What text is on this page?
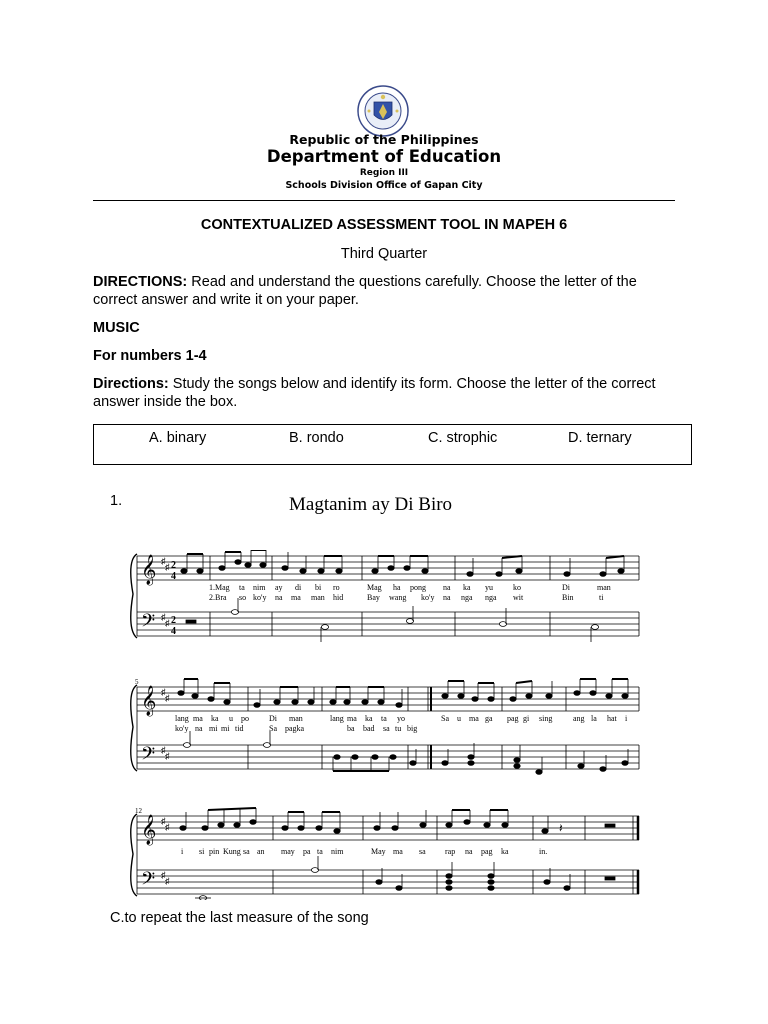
Republic of the Philippines
Department of Education
Region III
Schools Division Office of Gapan City
CONTEXTUALIZED ASSESSMENT TOOL IN MAPEH 6
Third Quarter
DIRECTIONS: Read and understand the questions carefully. Choose the letter of the correct answer and write it on your paper.
MUSIC
For numbers 1-4
Directions: Study the songs below and identify its form. Choose the letter of the correct answer inside the box.
A. binary	B. rondo	C. strophic	D. ternary
1.	Magtanim ay Di Biro
𝄞
𝄢
♯
♯
♯
♯
2
4
2
4
1.Mag ta nim ay di bi ro	Mag ha pong na ka yu	ko	Di	man
2.Bra so ko'y na ma man hid	Bay wang ko'y na nga nga wit	Bin	ti
5
𝄞
𝄢
♯
♯
♯
♯
lang ma ka u po	Di man	lang ma ka ta yo	Sa u ma ga pag gi sing	ang la hat i
ko'y na mi mi tid	Sa pagka	ba bad sa tu big
12
𝄞
𝄢
♯
♯
♯
♯
𝄽
i si pin Kung sa an may pa ta nim	May ma sa rap na pag ka	in.
C.to repeat the last measure of the song
